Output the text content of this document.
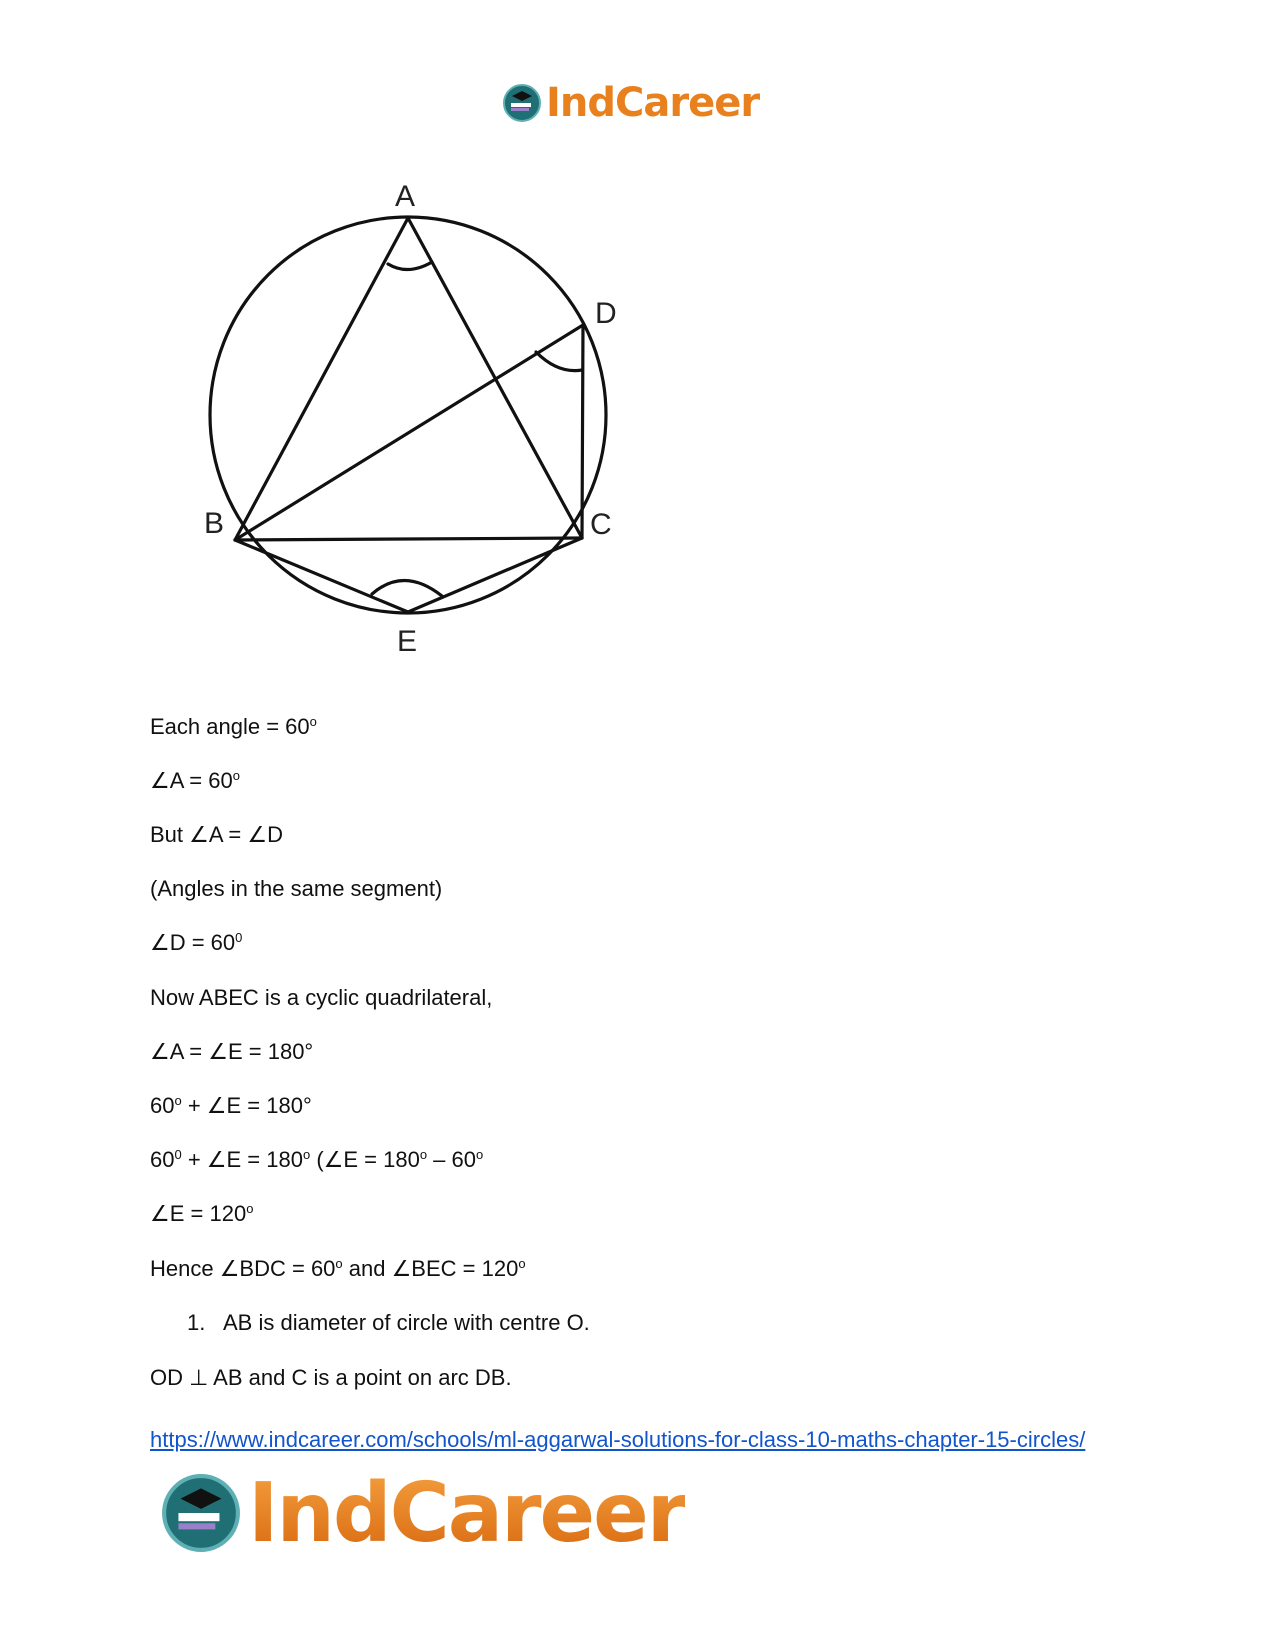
IndCareer
A
D
B	C
E
Each angle = $60^o$
∠A = $60^o$
But ∠A = ∠D
(Angles in the same segment)
∠D = $60^0$
Now ABEC is a cyclic quadrilateral,
∠A = ∠E = 180°
$60^o$ + ∠E = 180°
$60^0$ + ∠E = $180^o$ (∠E = $180^o - 60^o$
∠E = $120^o$
Hence ∠BDC = $60^o$ and ∠BEC = $120^o$
1. AB is diameter of circle with centre O.
OD ⊥ AB and C is a point on arc DB.
https://www.indcareer.com/schools/ml-aggarwal-solutions-for-class-10-maths-chapter-15-circles/
IndCareer
